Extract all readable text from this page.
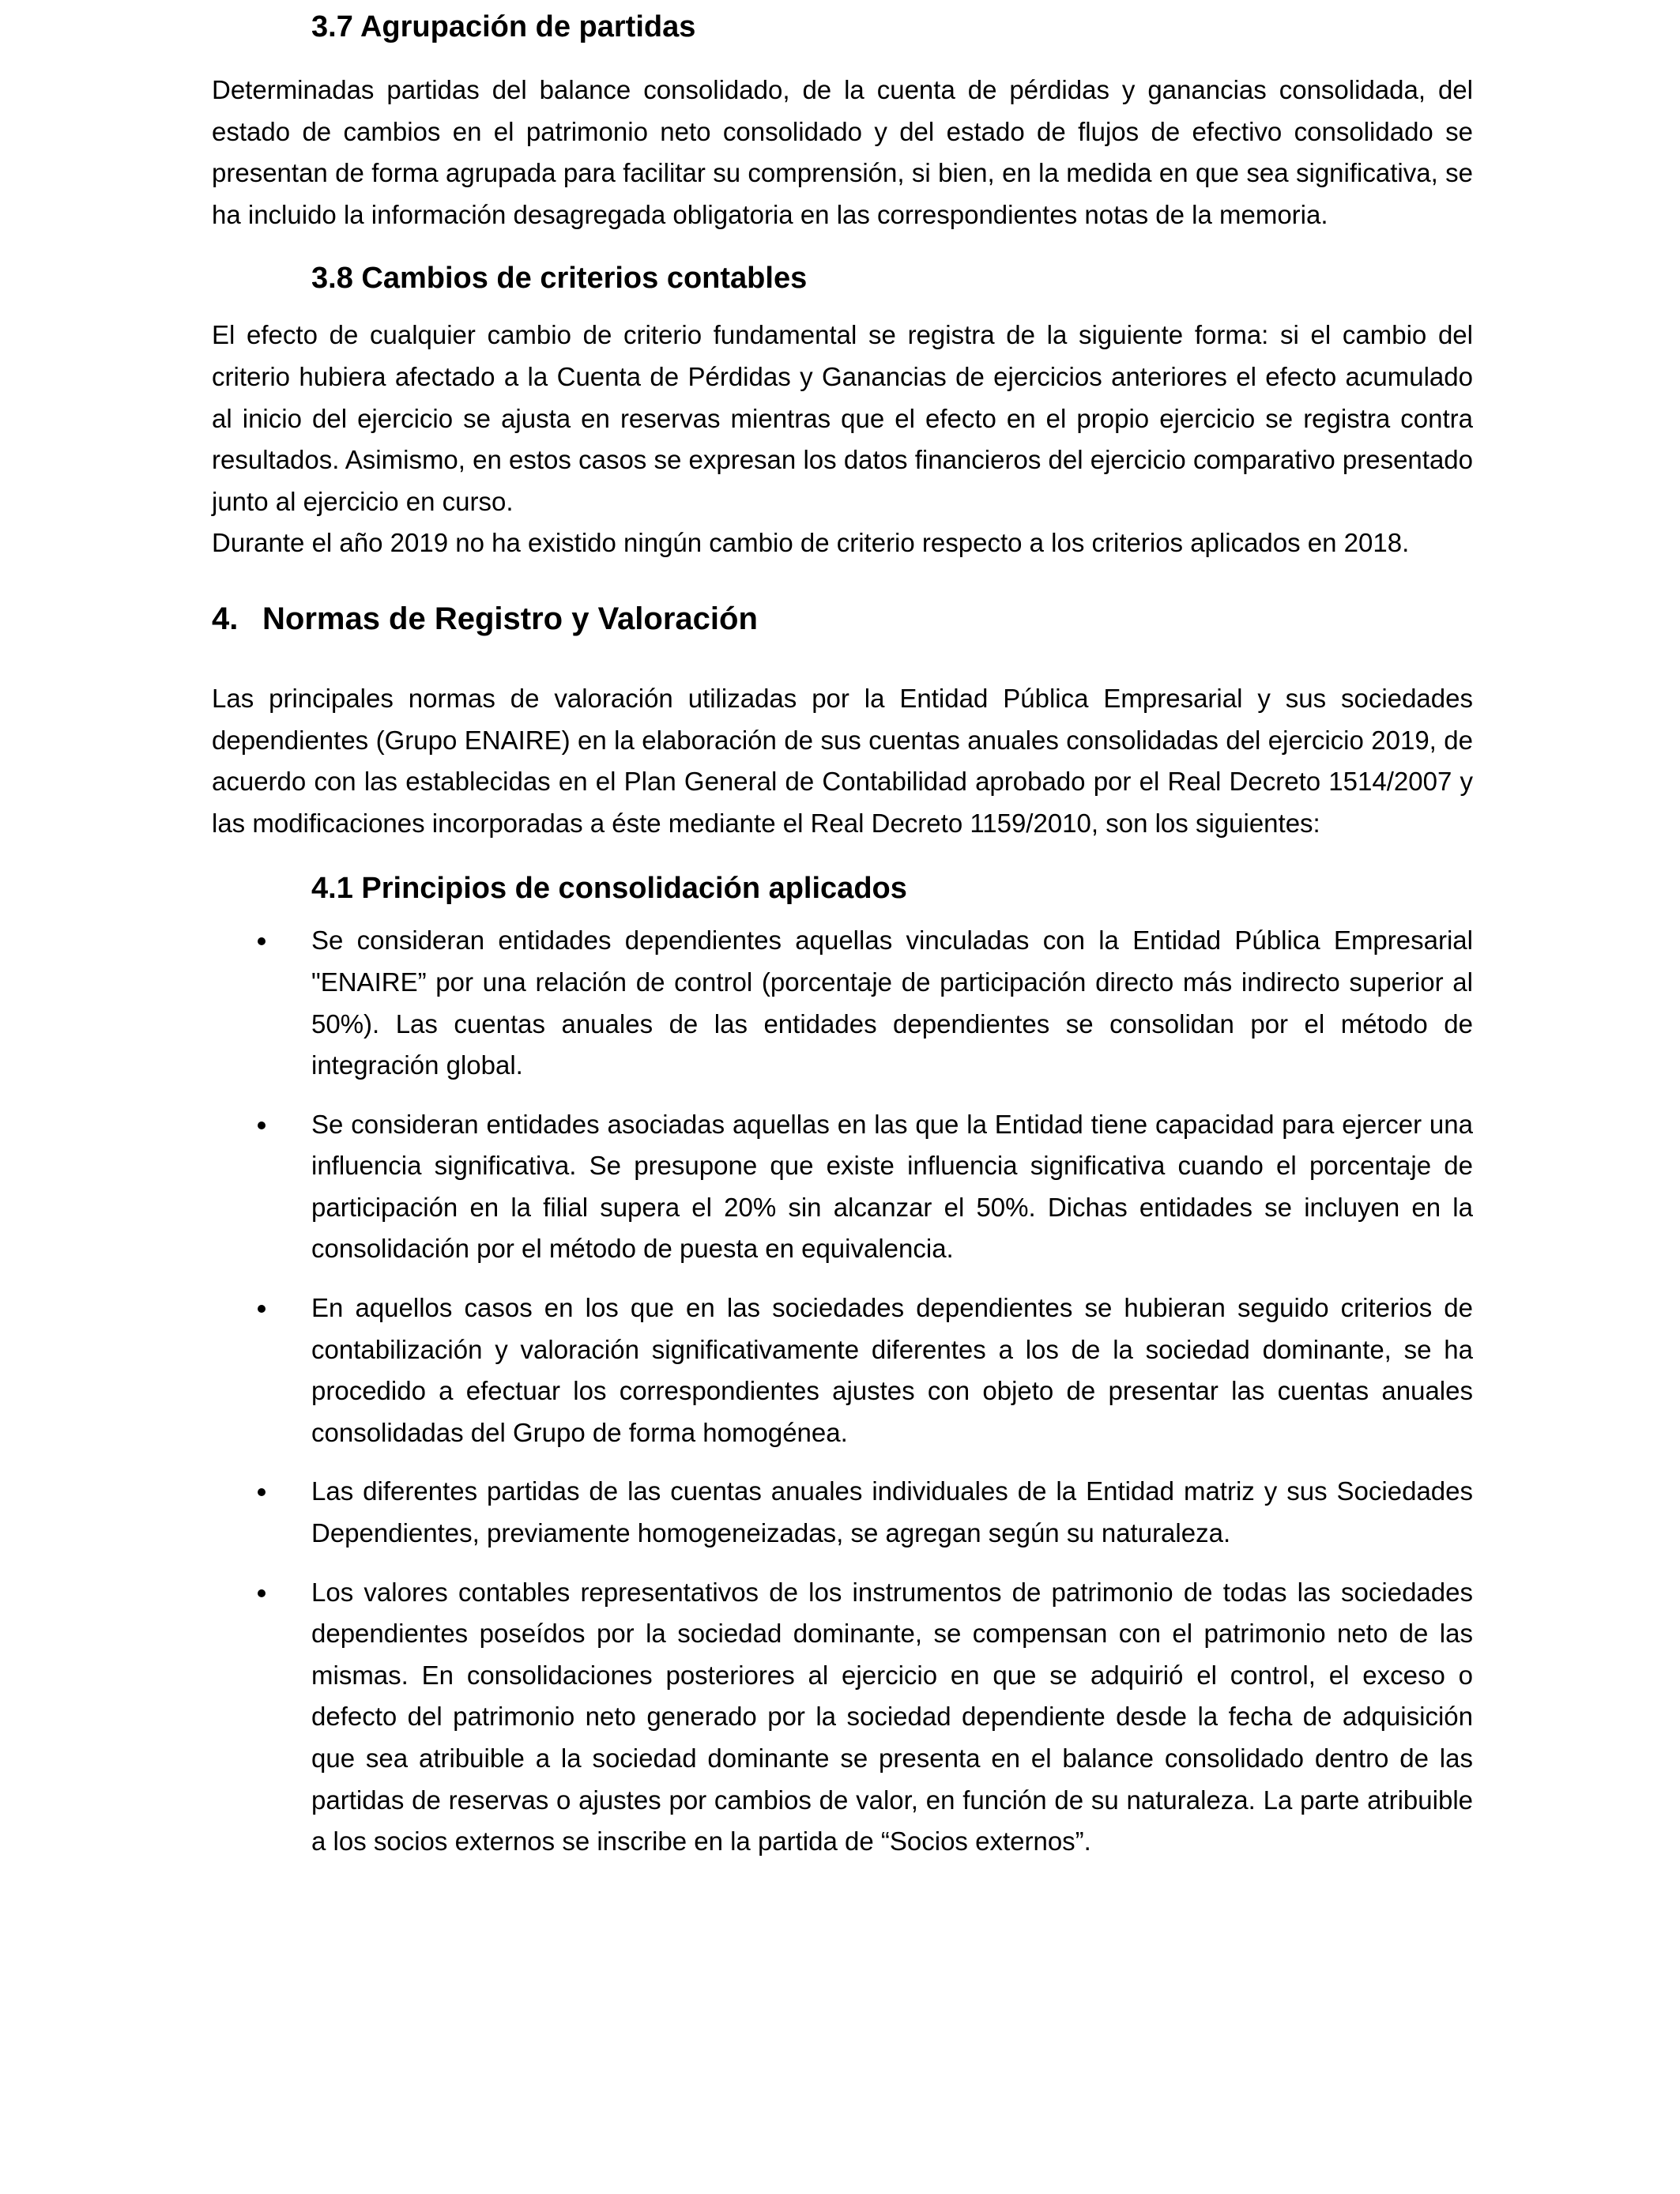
3.7 Agrupación de partidas

Determinadas partidas del balance consolidado, de la cuenta de pérdidas y ganancias consolidada, del estado de cambios en el patrimonio neto consolidado y del estado de flujos de efectivo consolidado se presentan de forma agrupada para facilitar su comprensión, si bien, en la medida en que sea significativa, se ha incluido la información desagregada obligatoria en las correspondientes notas de la memoria.

3.8 Cambios de criterios contables

El efecto de cualquier cambio de criterio fundamental se registra de la siguiente forma: si el cambio del criterio hubiera afectado a la Cuenta de Pérdidas y Ganancias de ejercicios anteriores el efecto acumulado al inicio del ejercicio se ajusta en reservas mientras que el efecto en el propio ejercicio se registra contra resultados. Asimismo, en estos casos se expresan los datos financieros del ejercicio comparativo presentado junto al ejercicio en curso.

Durante el año 2019 no ha existido ningún cambio de criterio respecto a los criterios aplicados en 2018.

4. Normas de Registro y Valoración

Las principales normas de valoración utilizadas por la Entidad Pública Empresarial y sus sociedades dependientes (Grupo ENAIRE) en la elaboración de sus cuentas anuales consolidadas del ejercicio 2019, de acuerdo con las establecidas en el Plan General de Contabilidad aprobado por el Real Decreto 1514/2007 y las modificaciones incorporadas a éste mediante el Real Decreto 1159/2010, son los siguientes:

4.1 Principios de consolidación aplicados
Se consideran entidades dependientes aquellas vinculadas con la Entidad Pública Empresarial "ENAIRE” por una relación de control (porcentaje de participación directo más indirecto superior al 50%). Las cuentas anuales de las entidades dependientes se consolidan por el método de integración global.
Se consideran entidades asociadas aquellas en las que la Entidad tiene capacidad para ejercer una influencia significativa. Se presupone que existe influencia significativa cuando el porcentaje de participación en la filial supera el 20% sin alcanzar el 50%. Dichas entidades se incluyen en la consolidación por el método de puesta en equivalencia.
En aquellos casos en los que en las sociedades dependientes se hubieran seguido criterios de contabilización y valoración significativamente diferentes a los de la sociedad dominante, se ha procedido a efectuar los correspondientes ajustes con objeto de presentar las cuentas anuales consolidadas del Grupo de forma homogénea.
Las diferentes partidas de las cuentas anuales individuales de la Entidad matriz y sus Sociedades Dependientes, previamente homogeneizadas, se agregan según su naturaleza.
Los valores contables representativos de los instrumentos de patrimonio de todas las sociedades dependientes poseídos por la sociedad dominante, se compensan con el patrimonio neto de las mismas. En consolidaciones posteriores al ejercicio en que se adquirió el control, el exceso o defecto del patrimonio neto generado por la sociedad dependiente desde la fecha de adquisición que sea atribuible a la sociedad dominante se presenta en el balance consolidado dentro de las partidas de reservas o ajustes por cambios de valor, en función de su naturaleza. La parte atribuible a los socios externos se inscribe en la partida de “Socios externos”.
